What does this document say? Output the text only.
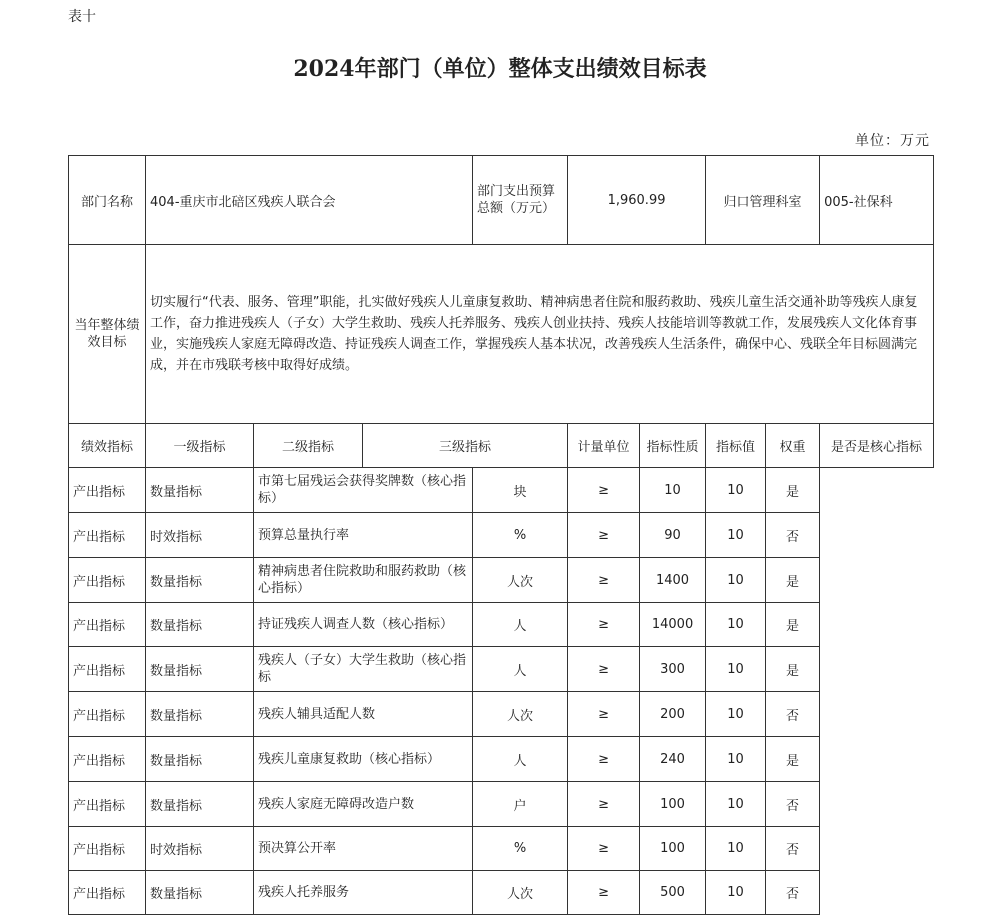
表十
2024年部门（单位）整体支出绩效目标表
单位：万元
部门名称	404-重庆市北碚区残疾人联合会			部门支出预算总额（万元）	1,960.99		归口管理科室		005-社保科
当年整体绩效目标	切实履行“代表、服务、管理”职能，扎实做好残疾人儿童康复救助、精神病患者住院和服药救助、残疾儿童生活交通补助等残疾人康复工作，奋力推进残疾人（子女）大学生救助、残疾人托养服务、残疾人创业扶持、残疾人技能培训等教就工作，发展残疾人文化体育事业，实施残疾人家庭无障碍改造、持证残疾人调查工作，掌握残疾人基本状况，改善残疾人生活条件，确保中心、残联全年目标圆满完成，并在市残联考核中取得好成绩。								
绩效指标	一级指标	二级指标	三级指标		计量单位	指标性质	指标值	权重	是否是核心指标
产出指标	数量指标	市第七届残运会获得奖牌数（核心指标）		块	≥	10	10	是	
产出指标	时效指标	预算总量执行率		%	≥	90	10	否	
产出指标	数量指标	精神病患者住院救助和服药救助（核心指标）		人次	≥	1400	10	是	
产出指标	数量指标	持证残疾人调查人数（核心指标）		人	≥	14000	10	是	
产出指标	数量指标	残疾人（子女）大学生救助（核心指标		人	≥	300	10	是	
产出指标	数量指标	残疾人辅具适配人数		人次	≥	200	10	否	
产出指标	数量指标	残疾儿童康复救助（核心指标）		人	≥	240	10	是	
产出指标	数量指标	残疾人家庭无障碍改造户数		户	≥	100	10	否	
产出指标	时效指标	预决算公开率		%	≥	100	10	否	
产出指标	数量指标	残疾人托养服务		人次	≥	500	10	否	
